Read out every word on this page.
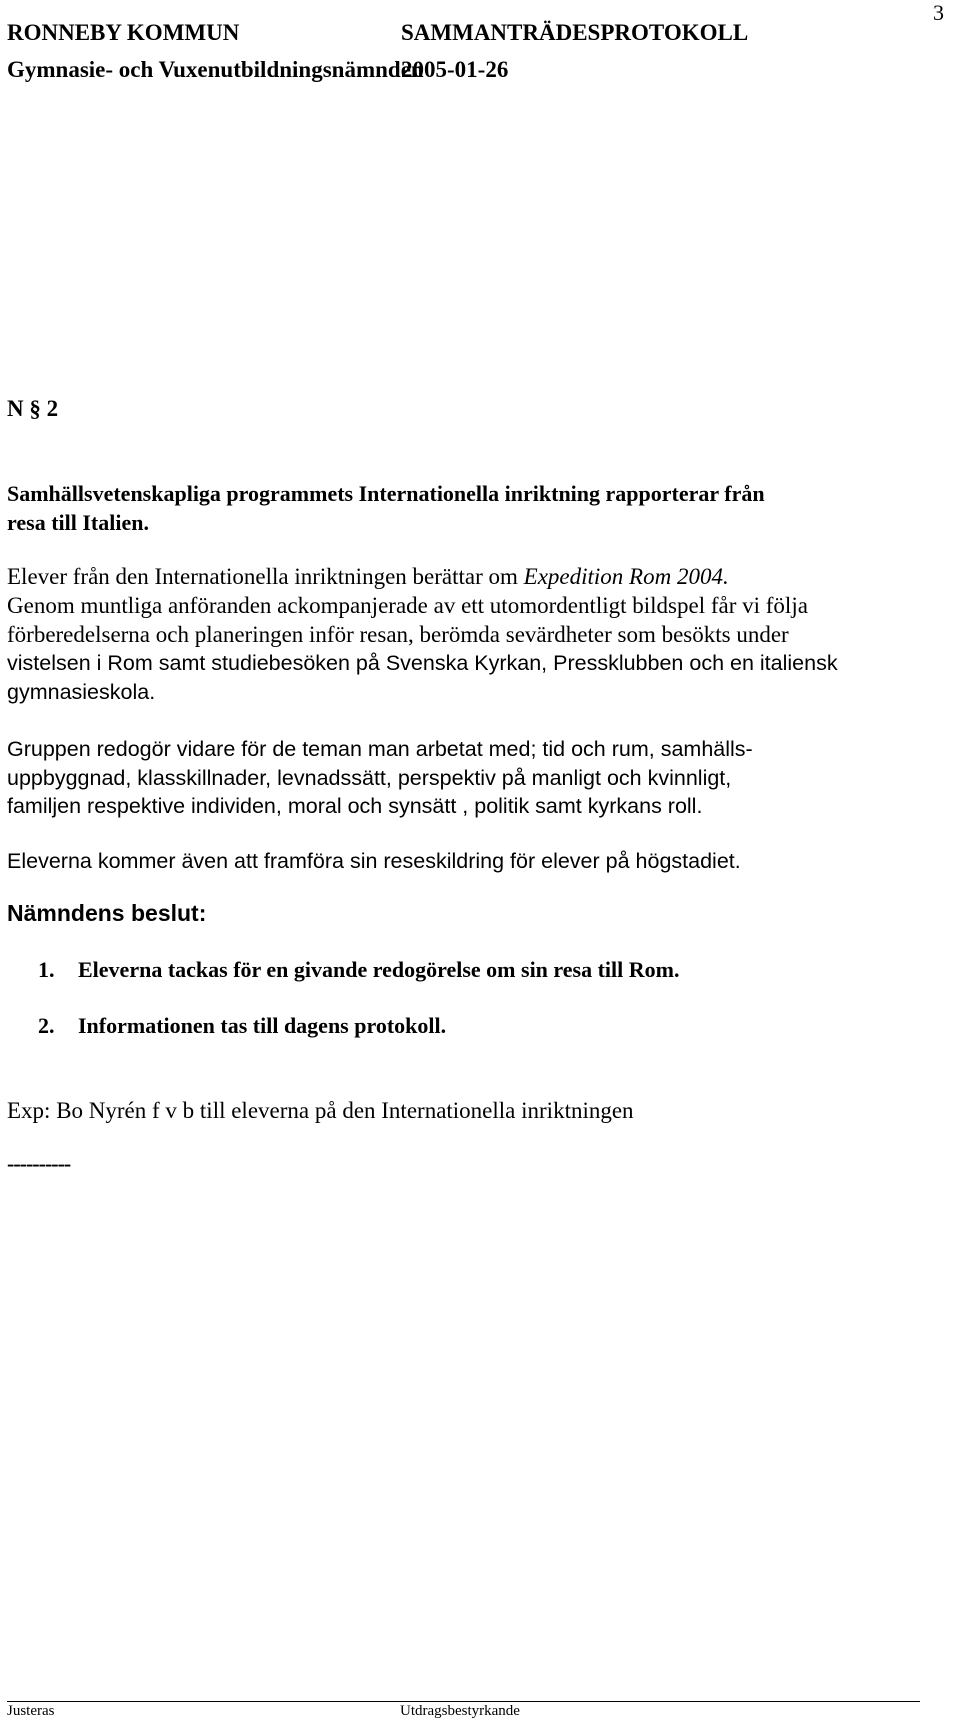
RONNEBY KOMMUN	SAMMANTRÄDESPROTOKOLL
Gymnasie- och Vuxenutbildningsnämnden
2005-01-26
3
N § 2
Samhällsvetenskapliga programmets Internationella inriktning rapporterar från
resa till Italien.
Elever från den Internationella inriktningen berättar om Expedition Rom 2004.
Genom muntliga anföranden ackompanjerade av ett utomordentligt bildspel får vi följa
förberedelserna och planeringen inför resan, berömda sevärdheter som besökts under
vistelsen i Rom samt studiebesöken på Svenska Kyrkan, Pressklubben och en italiensk
gymnasieskola.
Gruppen redogör vidare för de teman man arbetat med; tid och rum, samhälls-
uppbyggnad, klasskillnader, levnadssätt, perspektiv på manligt och kvinnligt,
familjen respektive individen, moral och synsätt , politik samt kyrkans roll.
Eleverna kommer även att framföra sin reseskildring för elever på högstadiet.
Nämndens beslut:
1. Eleverna tackas för en givande redogörelse om sin resa till Rom.
2. Informationen tas till dagens protokoll.
Exp: Bo Nyrén f v b till eleverna på den Internationella inriktningen
----------
Justeras	Utdragsbestyrkande
